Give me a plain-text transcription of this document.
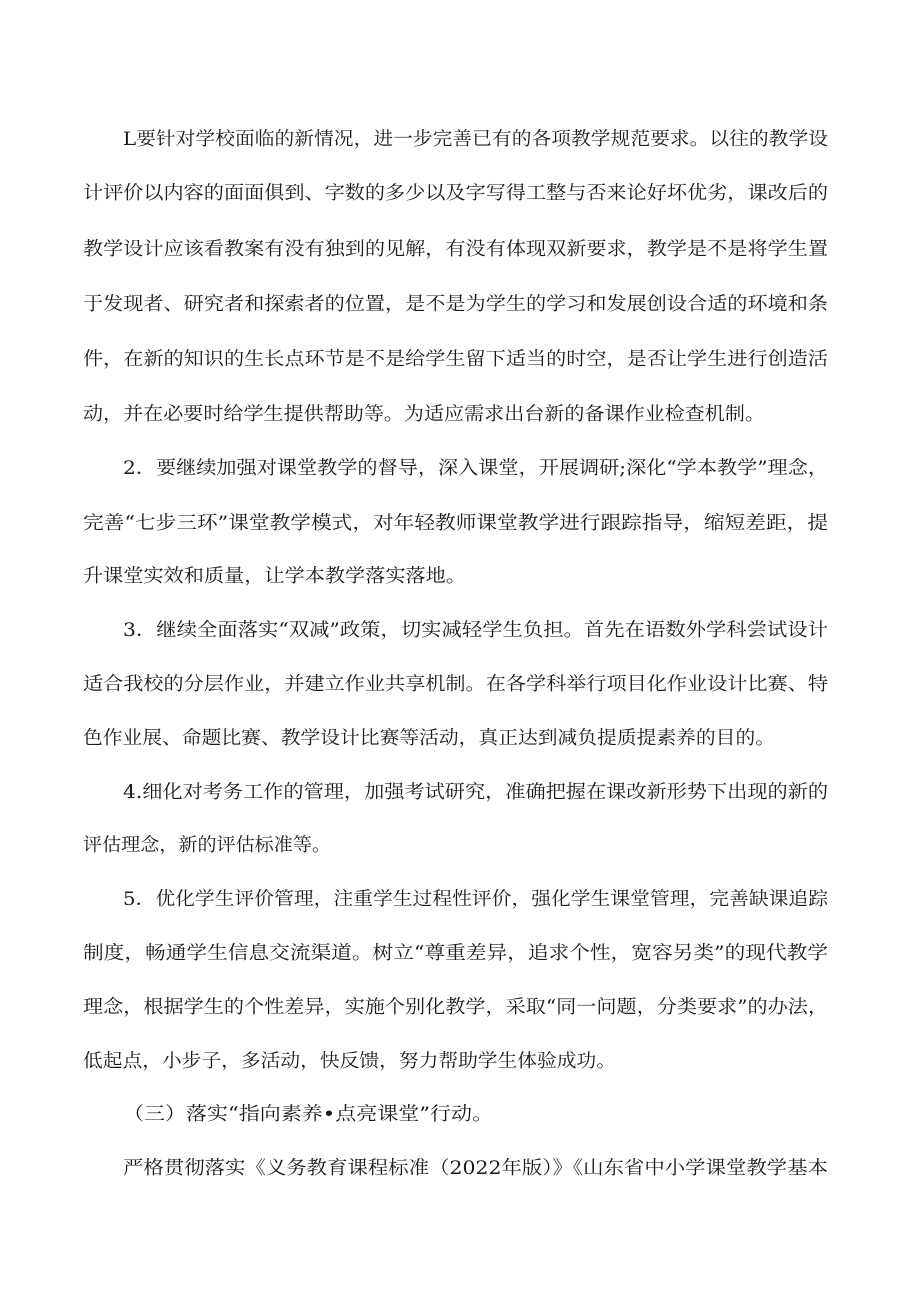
L要针对学校面临的新情况，进一步完善已有的各项教学规范要求。以往的教学设
计评价以内容的面面俱到、字数的多少以及字写得工整与否来论好坏优劣，课改后的
教学设计应该看教案有没有独到的见解，有没有体现双新要求，教学是不是将学生置
于发现者、研究者和探索者的位置，是不是为学生的学习和发展创设合适的环境和条
件，在新的知识的生长点环节是不是给学生留下适当的时空，是否让学生进行创造活
动，并在必要时给学生提供帮助等。为适应需求出台新的备课作业检查机制。
2．要继续加强对课堂教学的督导，深入课堂，开展调研;深化“学本教学”理念，
完善“七步三环”课堂教学模式，对年轻教师课堂教学进行跟踪指导，缩短差距，提
升课堂实效和质量，让学本教学落实落地。
3．继续全面落实“双减”政策，切实减轻学生负担。首先在语数外学科尝试设计
适合我校的分层作业，并建立作业共享机制。在各学科举行项目化作业设计比赛、特
色作业展、命题比赛、教学设计比赛等活动，真正达到减负提质提素养的目的。
4.细化对考务工作的管理，加强考试研究，准确把握在课改新形势下出现的新的
评估理念，新的评估标准等。
5．优化学生评价管理，注重学生过程性评价，强化学生课堂管理，完善缺课追踪
制度，畅通学生信息交流渠道。树立“尊重差异，追求个性，宽容另类”的现代教学
理念，根据学生的个性差异，实施个别化教学，采取“同一问题，分类要求”的办法，
低起点，小步子，多活动，快反馈，努力帮助学生体验成功。
（三）落实“指向素养•点亮课堂”行动。
严格贯彻落实《义务教育课程标准（2022年版）》《山东省中小学课堂教学基本
